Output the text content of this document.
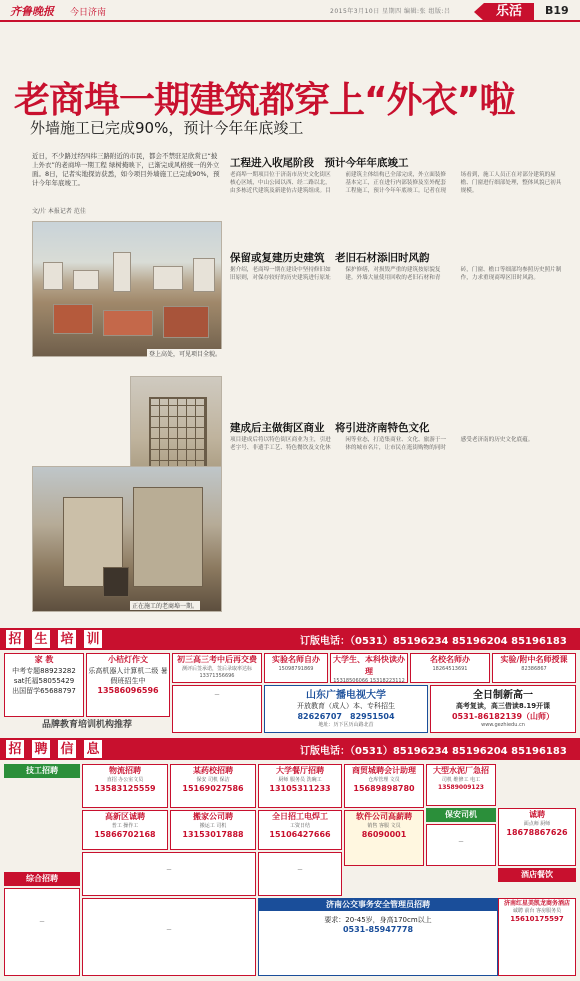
齐鲁晚报 今日济南	2015年3月10日 星期四 编辑:张 组版:吕	乐活	B19
老商埠一期建筑都穿上“外衣”啦
外墙施工已完成90%，预计今年年底竣工
近日，不少路过经四纬三路附近的市民，都会不禁驻足欣赏已“披上外衣”的老商埠一期工程 绿树掩映下，已渐完成风格统一的外立面。8日，记者实地探访获悉，如今项目外墙施工已完成90%，预计今年年底竣工。
文/片 本报记者 范佳
登上高处，可见项目全貌。
正在施工的老商埠一期。
工程进入收尾阶段　预计今年年底竣工
老商埠一期项目位于济南市历史文化街区核心区域，中山公园以西、经二路以北，由多栋近代建筑及新建仿古建筑组成。目前建筑主体结构已全部完成，外立面装修基本完工，正在进行内部装修及室外配套工程施工，预计今年年底竣工。记者在现场看到，施工人员正在对部分建筑的屋檐、门窗进行细部处理，整体风貌已初具规模。
保留或复建历史建筑　老旧石材添旧时风韵
据介绍，老商埠一期在建设中坚持修旧如旧原则，对保存较好的历史建筑进行原址保护修缮，对损毁严重的建筑按原貌复建。外墙大量使用回收的老旧石材和青砖，门窗、檐口等细部均参照历史照片制作，力求重现商埠区旧时风韵。
建成后主做街区商业　将引进济南特色文化
项目建成后将以特色街区商业为主，引进老字号、非遗手工艺、特色餐饮及文化休闲等业态，打造集商业、文化、旅游于一体的城市名片，让市民在逛街购物的同时感受老济南的历史文化底蕴。
招 生 培 训	订版电话：（0531）85196234 85196204 85196183
家 教
中考专题88923282
sat托福58055429
出国留学65688797
小桔灯作文
乐高机器人计算机二级 暑假班招生中
13586096596
初三高三考中后再交费
测评后签承诺，签后录取率达标
13371356696
实验名师自办
15098791869
大学生、本科快读办理
15318506066 15318223112
名校名师办
18264513691
实验/附中名师授课
82386867
山东广播电视大学
开放教育（成人）本、专科招生
82626707　 82951504
地址：历下区历山路北首
全日制新高一
高考复读，高三借读8.19开课
0531-86182139（山师）
www.gezhiedu.cn
—
品牌教育培训机构推荐
招 聘 信 息	订版电话：（0531）85196234 85196204 85196183
技工招聘
综合招聘
保安司机
酒店餐饮
物流招聘
直招 办公室文员
13583125559
某药校招聘
保安 司机 保洁
15169027586
大学餐厅招聘
厨师 服务员 洗碗工
13105311233
商贸城聘会计助理
仓库管理 文员
15689898780
大型水泥厂急招
司机 维修工 电工
13589009123
高新区诚聘
普工 操作工
15866702168
搬家公司聘
搬运工 司机
13153017888
全日招工电焊工
工资日结
15106427666
软件公司高薪聘
销售 客服 文员
86090001
诚聘
面点师 厨师
18678867626
—
—
—
—
—
济南公交事务安全管理员招聘
要求：20-45岁，身高170cm以上
0531-85947778
济南红星美凯龙商务酒店
诚聘 前台 客房服务员
15610175597
